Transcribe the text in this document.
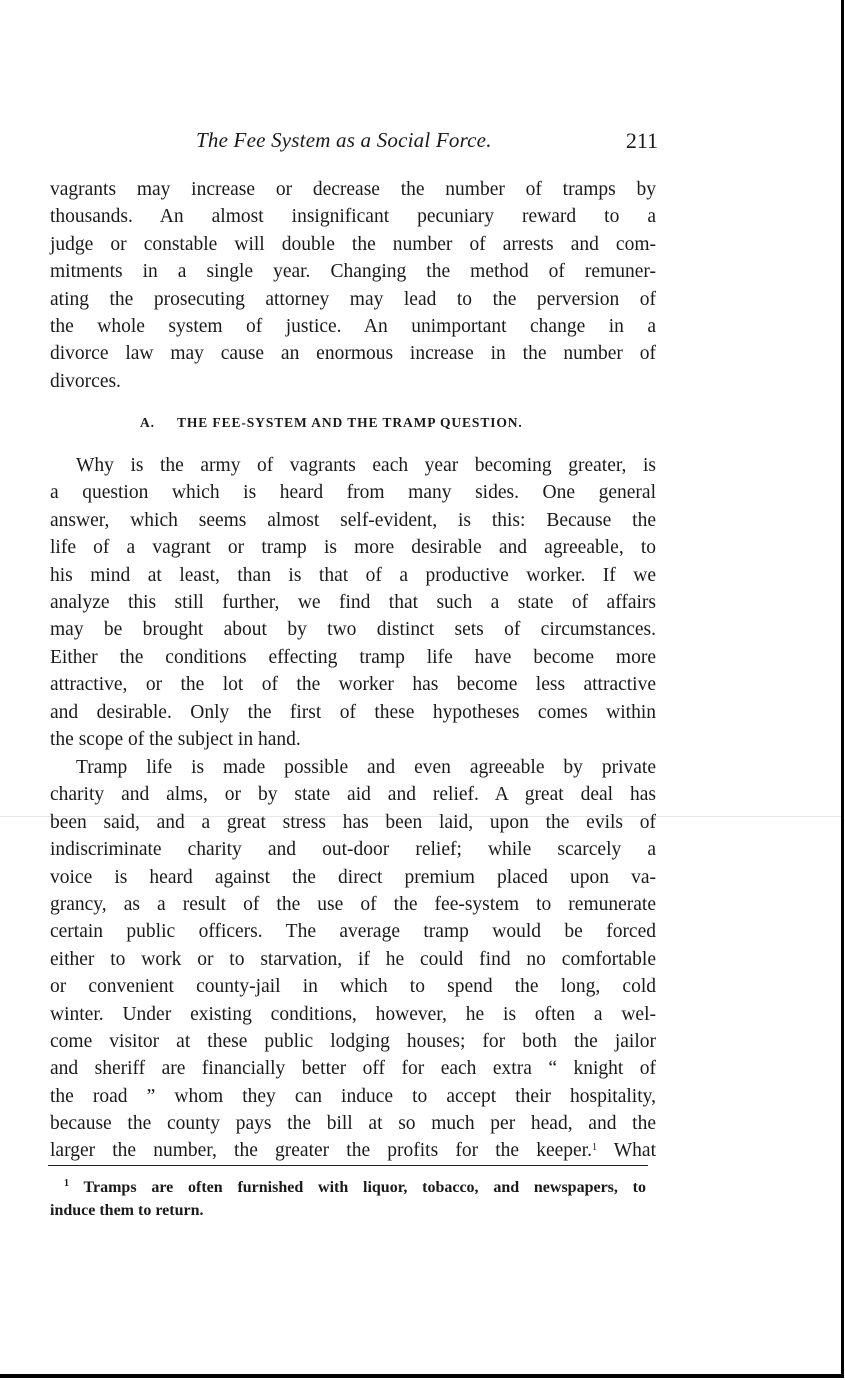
The Fee System as a Social Force.	211
vagrants may increase or decrease the number of tramps by
thousands. An almost insignificant pecuniary reward to a
judge or constable will double the number of arrests and com-
mitments in a single year. Changing the method of remuner-
ating the prosecuting attorney may lead to the perversion of
the whole system of justice. An unimportant change in a
divorce law may cause an enormous increase in the number of
divorces.
A. THE FEE-SYSTEM AND THE TRAMP QUESTION.
Why is the army of vagrants each year becoming greater, is
a question which is heard from many sides. One general
answer, which seems almost self-evident, is this: Because the
life of a vagrant or tramp is more desirable and agreeable, to
his mind at least, than is that of a productive worker. If we
analyze this still further, we find that such a state of affairs
may be brought about by two distinct sets of circumstances.
Either the conditions effecting tramp life have become more
attractive, or the lot of the worker has become less attractive
and desirable. Only the first of these hypotheses comes within
the scope of the subject in hand.
Tramp life is made possible and even agreeable by private
charity and alms, or by state aid and relief. A great deal has
been said, and a great stress has been laid, upon the evils of
indiscriminate charity and out-door relief; while scarcely a
voice is heard against the direct premium placed upon va-
grancy, as a result of the use of the fee-system to remunerate
certain public officers. The average tramp would be forced
either to work or to starvation, if he could find no comfortable
or convenient county-jail in which to spend the long, cold
winter. Under existing conditions, however, he is often a wel-
come visitor at these public lodging houses; for both the jailor
and sheriff are financially better off for each extra “ knight of
the road ” whom they can induce to accept their hospitality,
because the county pays the bill at so much per head, and the
larger the number, the greater the profits for the keeper.$^1$ What
$^1$ Tramps are often furnished with liquor, tobacco, and newspapers, to
induce them to return.
